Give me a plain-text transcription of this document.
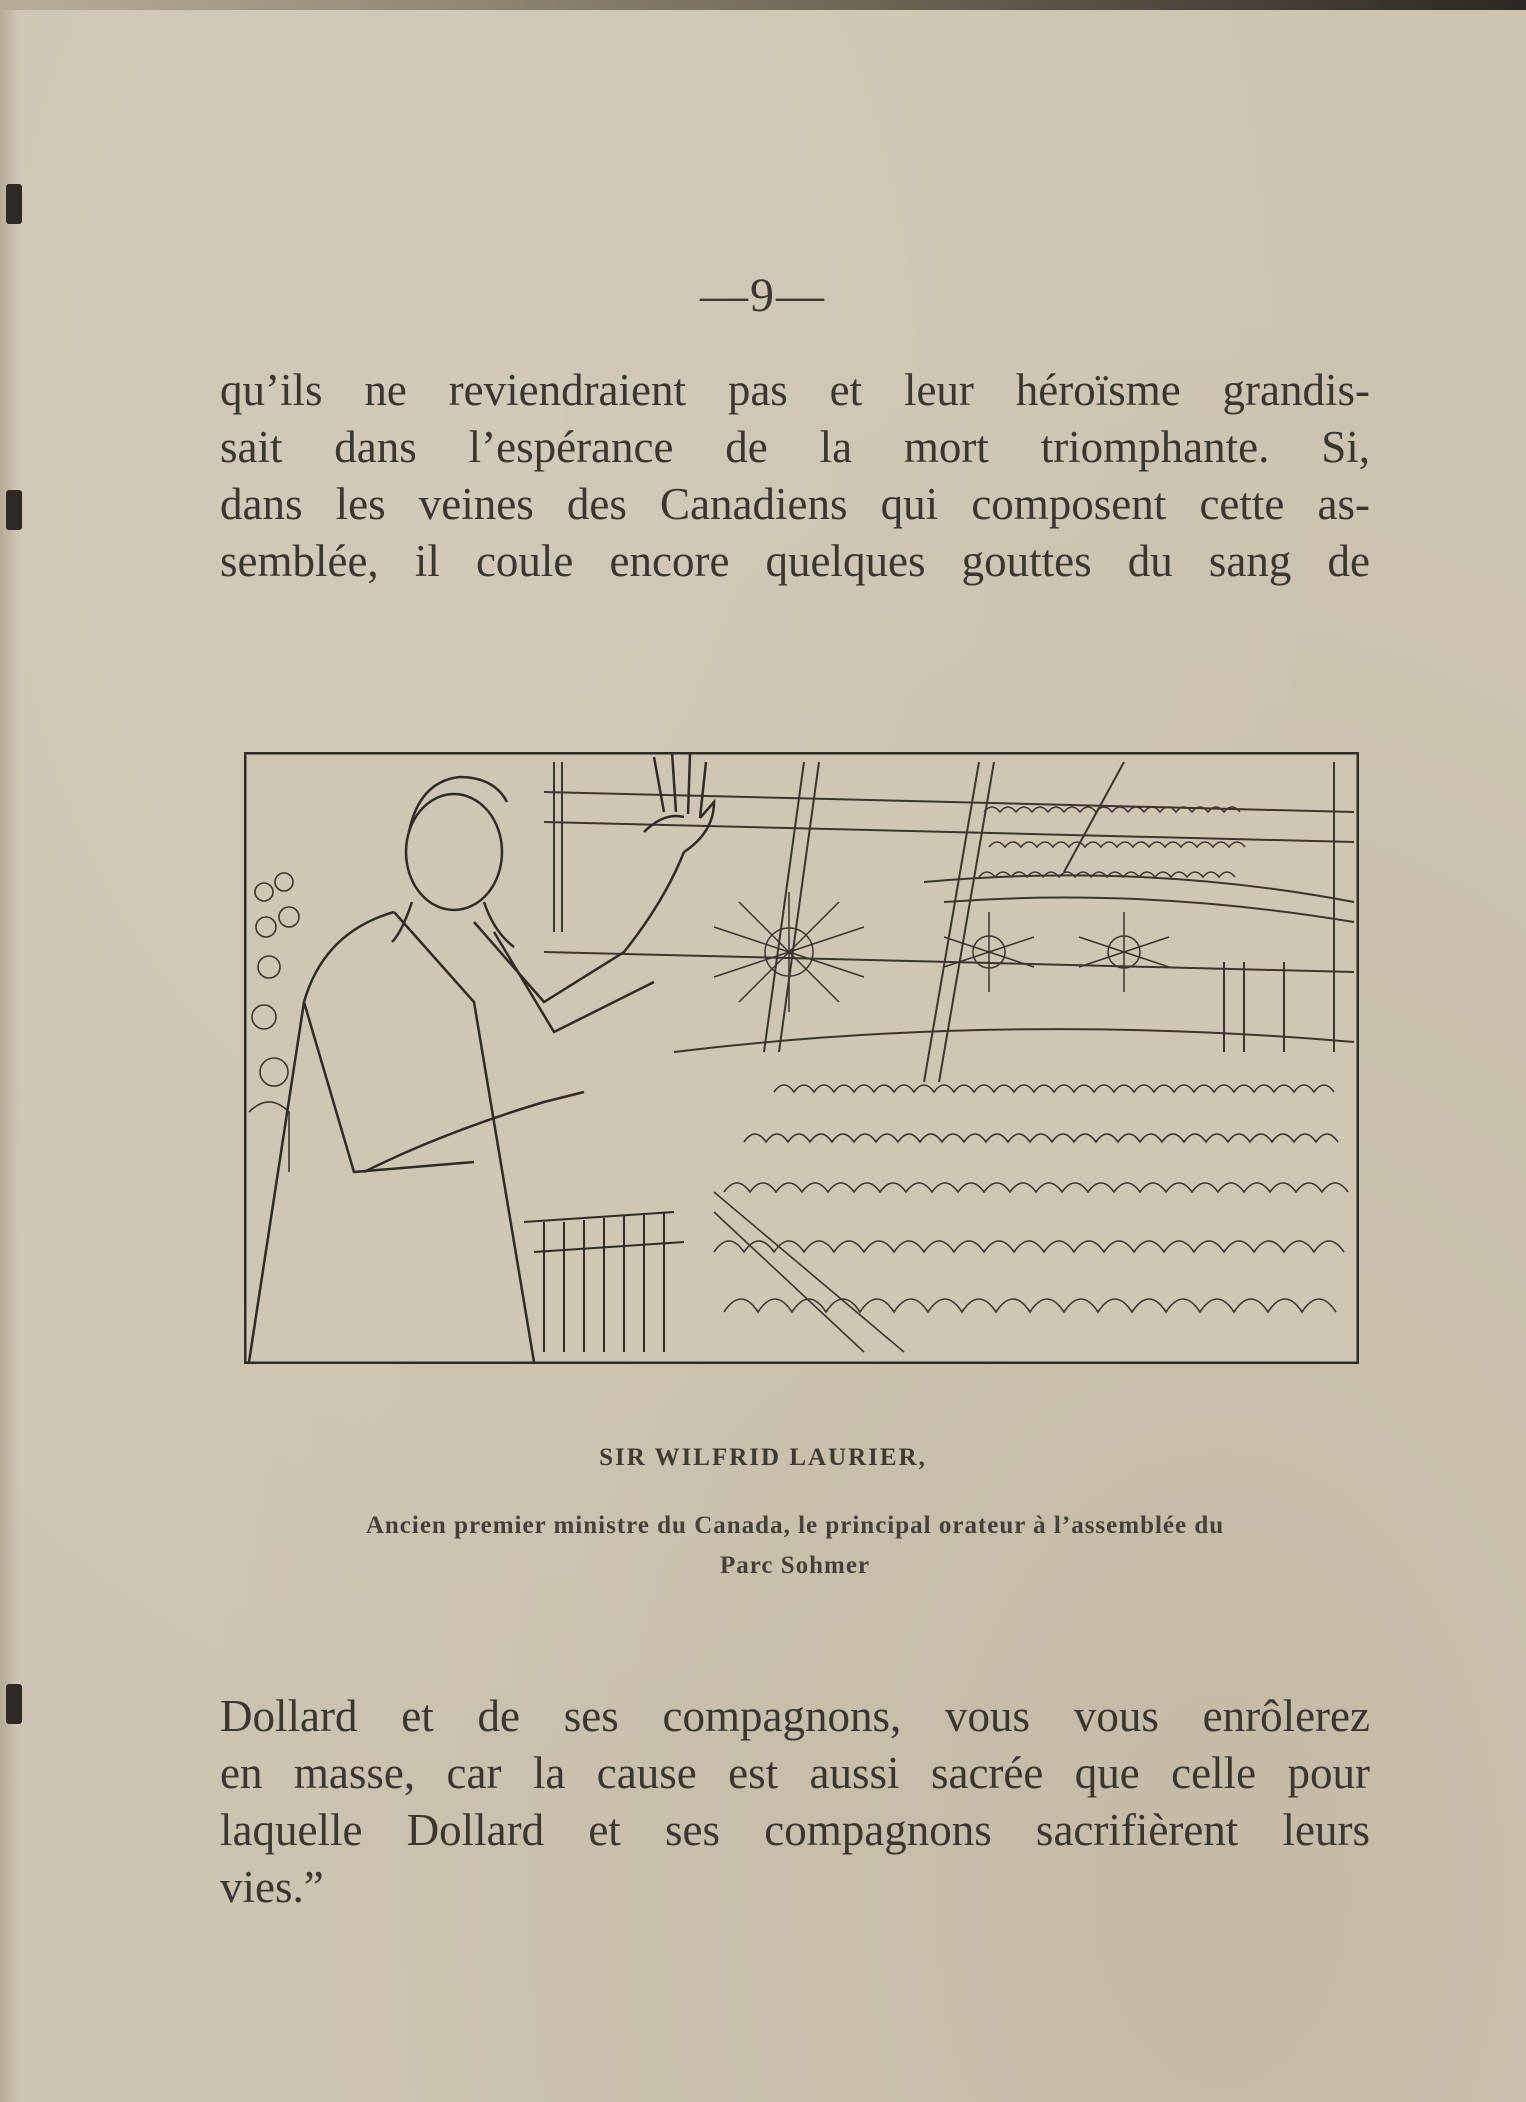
—9—
qu’ils ne reviendraient pas et leur héroïsme grandis-
sait dans l’espérance de la mort triomphante. Si,
dans les veines des Canadiens qui composent cette as-
semblée, il coule encore quelques gouttes du sang de
SIR WILFRID LAURIER,
Ancien premier ministre du Canada, le principal orateur à l’assemblée du
Parc Sohmer
Dollard et de ses compagnons, vous vous enrôlerez
en masse, car la cause est aussi sacrée que celle pour
laquelle Dollard et ses compagnons sacrifièrent leurs
vies.”
